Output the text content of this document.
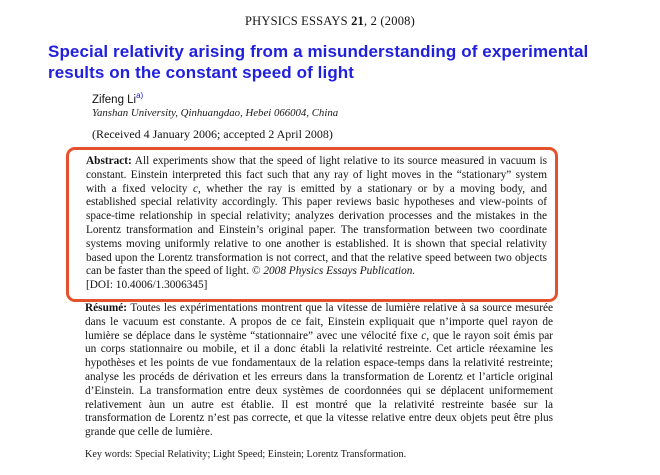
PHYSICS ESSAYS 21, 2 (2008)
Special relativity arising from a misunderstanding of experimental results on the constant speed of light
Zifeng Li$^{a)}$
Yanshan University, Qinhuangdao, Hebei 066004, China
(Received 4 January 2006; accepted 2 April 2008)

Abstract: All experiments show that the speed of light relative to its source measured in vacuum is constant. Einstein interpreted this fact such that any ray of light moves in the “stationary” system with a fixed velocity c, whether the ray is emitted by a stationary or by a moving body, and established special relativity accordingly. This paper reviews basic hypotheses and view-points of space-time relationship in special relativity; analyzes derivation processes and the mistakes in the Lorentz transformation and Einstein’s original paper. The transformation between two coordinate systems moving uniformly relative to one another is established. It is shown that special relativity based upon the Lorentz transformation is not correct, and that the relative speed between two objects can be faster than the speed of light. © 2008 Physics Essays Publication.

[DOI: 10.4006/1.3006345]

Résumé: Toutes les expérimentations montrent que la vitesse de lumière relative à sa source mesurée dans le vacuum est constante. A propos de ce fait, Einstein expliquait que n’importe quel rayon de lumière se déplace dans le système “stationnaire” avec une vélocité fixe c, que le rayon soit émis par un corps stationnaire ou mobile, et il a donc établi la relativité restreinte. Cet article réexamine les hypothèses et les points de vue fondamentaux de la relation espace-temps dans la relativité restreinte; analyse les procéds de dérivation et les erreurs dans la transformation de Lorentz et l’article original d’Einstein. La transformation entre deux systèmes de coordonnées qui se déplacent uniformement relativement àun un autre est établie. Il est montré que la relativité restreinte basée sur la transformation de Lorentz n’est pas correcte, et que la vitesse relative entre deux objets peut être plus grande que celle de lumière.

Key words: Special Relativity; Light Speed; Einstein; Lorentz Transformation.
